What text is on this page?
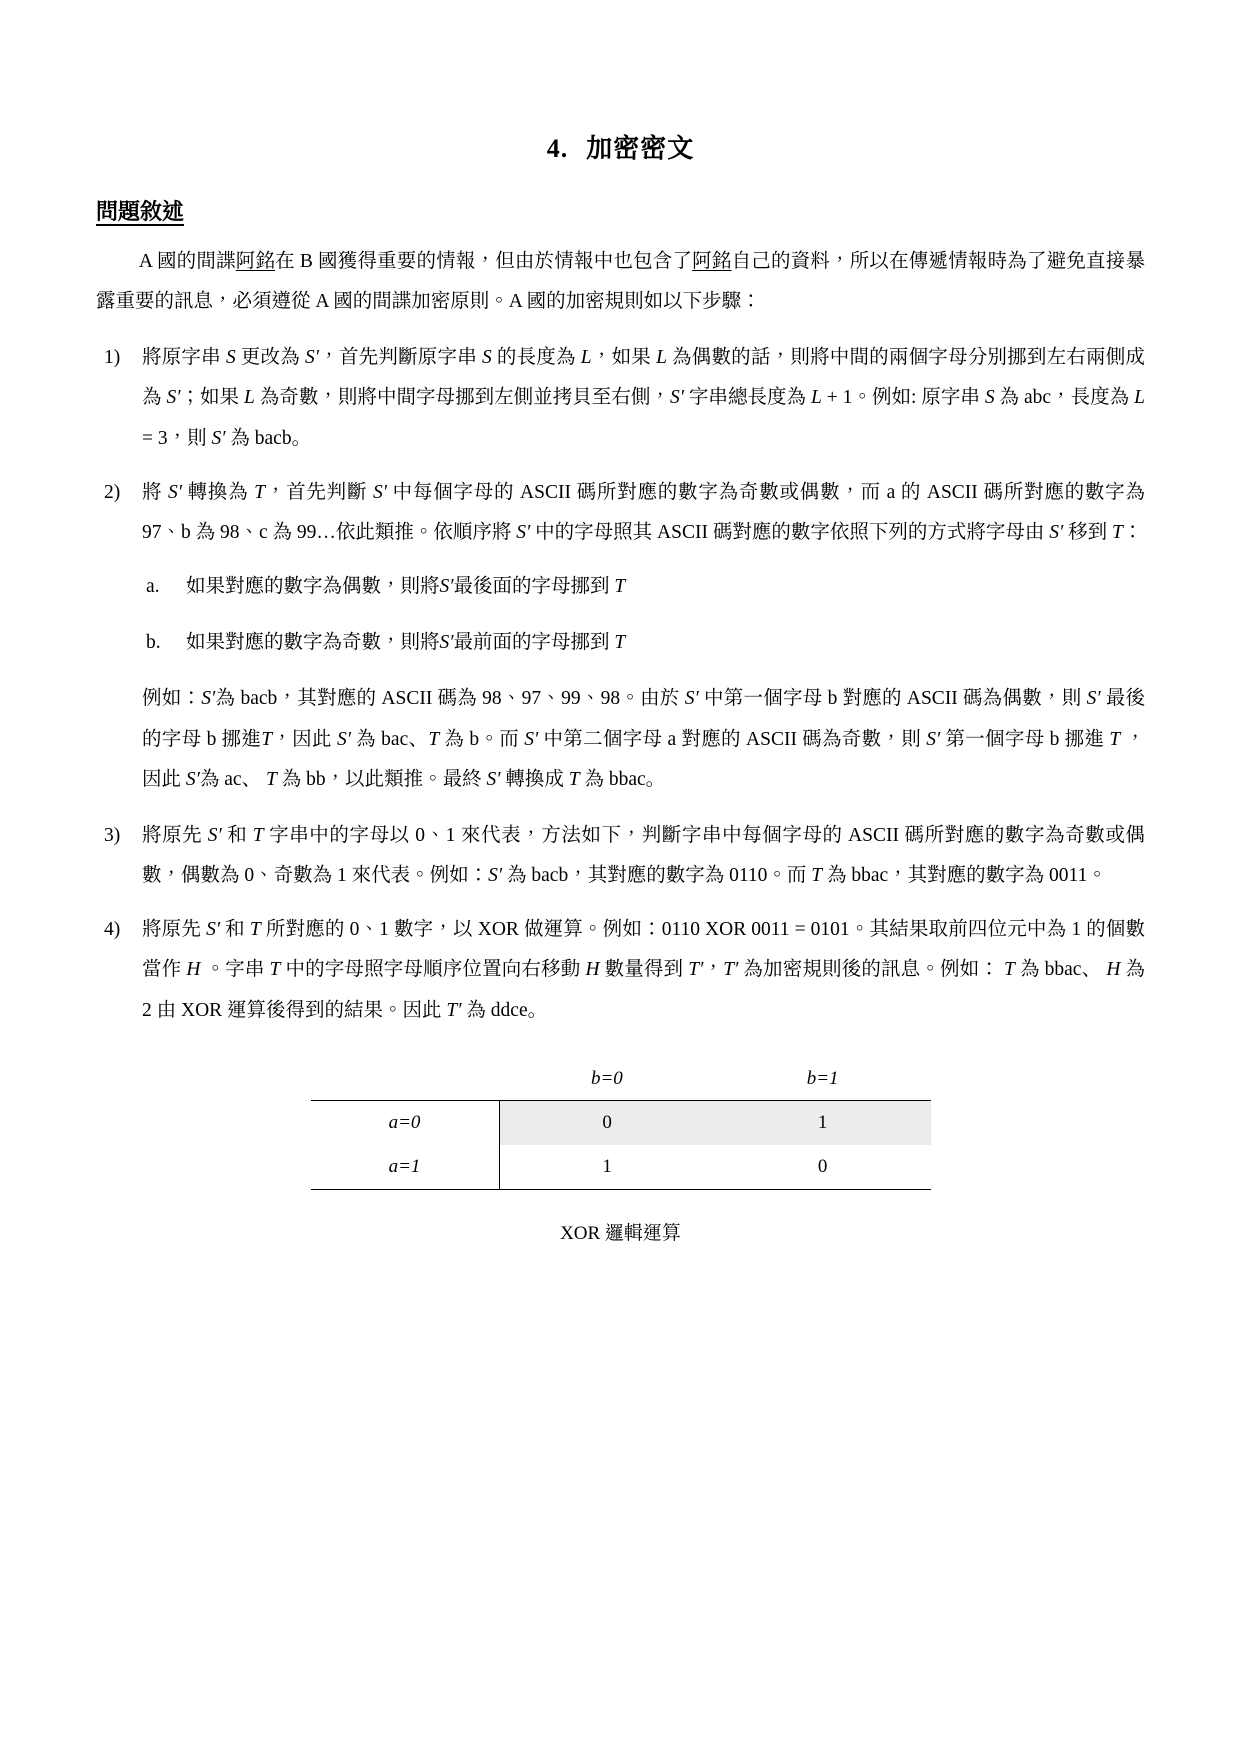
4. 加密密文
問題敘述

A 國的間諜阿銘在 B 國獲得重要的情報，但由於情報中也包含了阿銘自己的資料，所以在傳遞情報時為了避免直接暴露重要的訊息，必須遵從 A 國的間諜加密原則。A 國的加密規則如以下步驟：

1)	將原字串 S 更改為 S′，首先判斷原字串 S 的長度為 L，如果 L 為偶數的話，則將中間的兩個字母分別挪到左右兩側成為 S′；如果 L 為奇數，則將中間字母挪到左側並拷貝至右側，S′ 字串總長度為 L + 1。例如: 原字串 S 為 abc，長度為 L = 3，則 S′ 為 bacb。
2)	將 S′ 轉換為 T，首先判斷 S′ 中每個字母的 ASCII 碼所對應的數字為奇數或偶數，而 a 的 ASCII 碼所對應的數字為 97、b 為 98、c 為 99…依此類推。依順序將 S′ 中的字母照其 ASCII 碼對應的數字依照下列的方式將字母由 S′ 移到 T：
a.	如果對應的數字為偶數，則將S′最後面的字母挪到 T
b.	如果對應的數字為奇數，則將S′最前面的字母挪到 T

例如：S′為 bacb，其對應的 ASCII 碼為 98、97、99、98。由於 S′ 中第一個字母 b 對應的 ASCII 碼為偶數，則 S′ 最後的字母 b 挪進T，因此 S′ 為 bac、T 為 b。而 S′ 中第二個字母 a 對應的 ASCII 碼為奇數，則 S′ 第一個字母 b 挪進 T ，因此 S′為 ac、 T 為 bb，以此類推。最終 S′ 轉換成 T 為 bbac。

3)	將原先 S′ 和 T 字串中的字母以 0、1 來代表，方法如下，判斷字串中每個字母的 ASCII 碼所對應的數字為奇數或偶數，偶數為 0、奇數為 1 來代表。例如：S′ 為 bacb，其對應的數字為 0110。而 T 為 bbac，其對應的數字為 0011。
4)	將原先 S′ 和 T 所對應的 0、1 數字，以 XOR 做運算。例如：0110 XOR 0011 = 0101。其結果取前四位元中為 1 的個數當作 H 。字串 T 中的字母照字母順序位置向右移動 H 數量得到 T′，T′ 為加密規則後的訊息。例如： T 為 bbac、 H 為 2 由 XOR 運算後得到的結果。因此 T′ 為 ddce。
	b=0	b=1
a=0	0	1
a=1	1	0
XOR 邏輯運算
